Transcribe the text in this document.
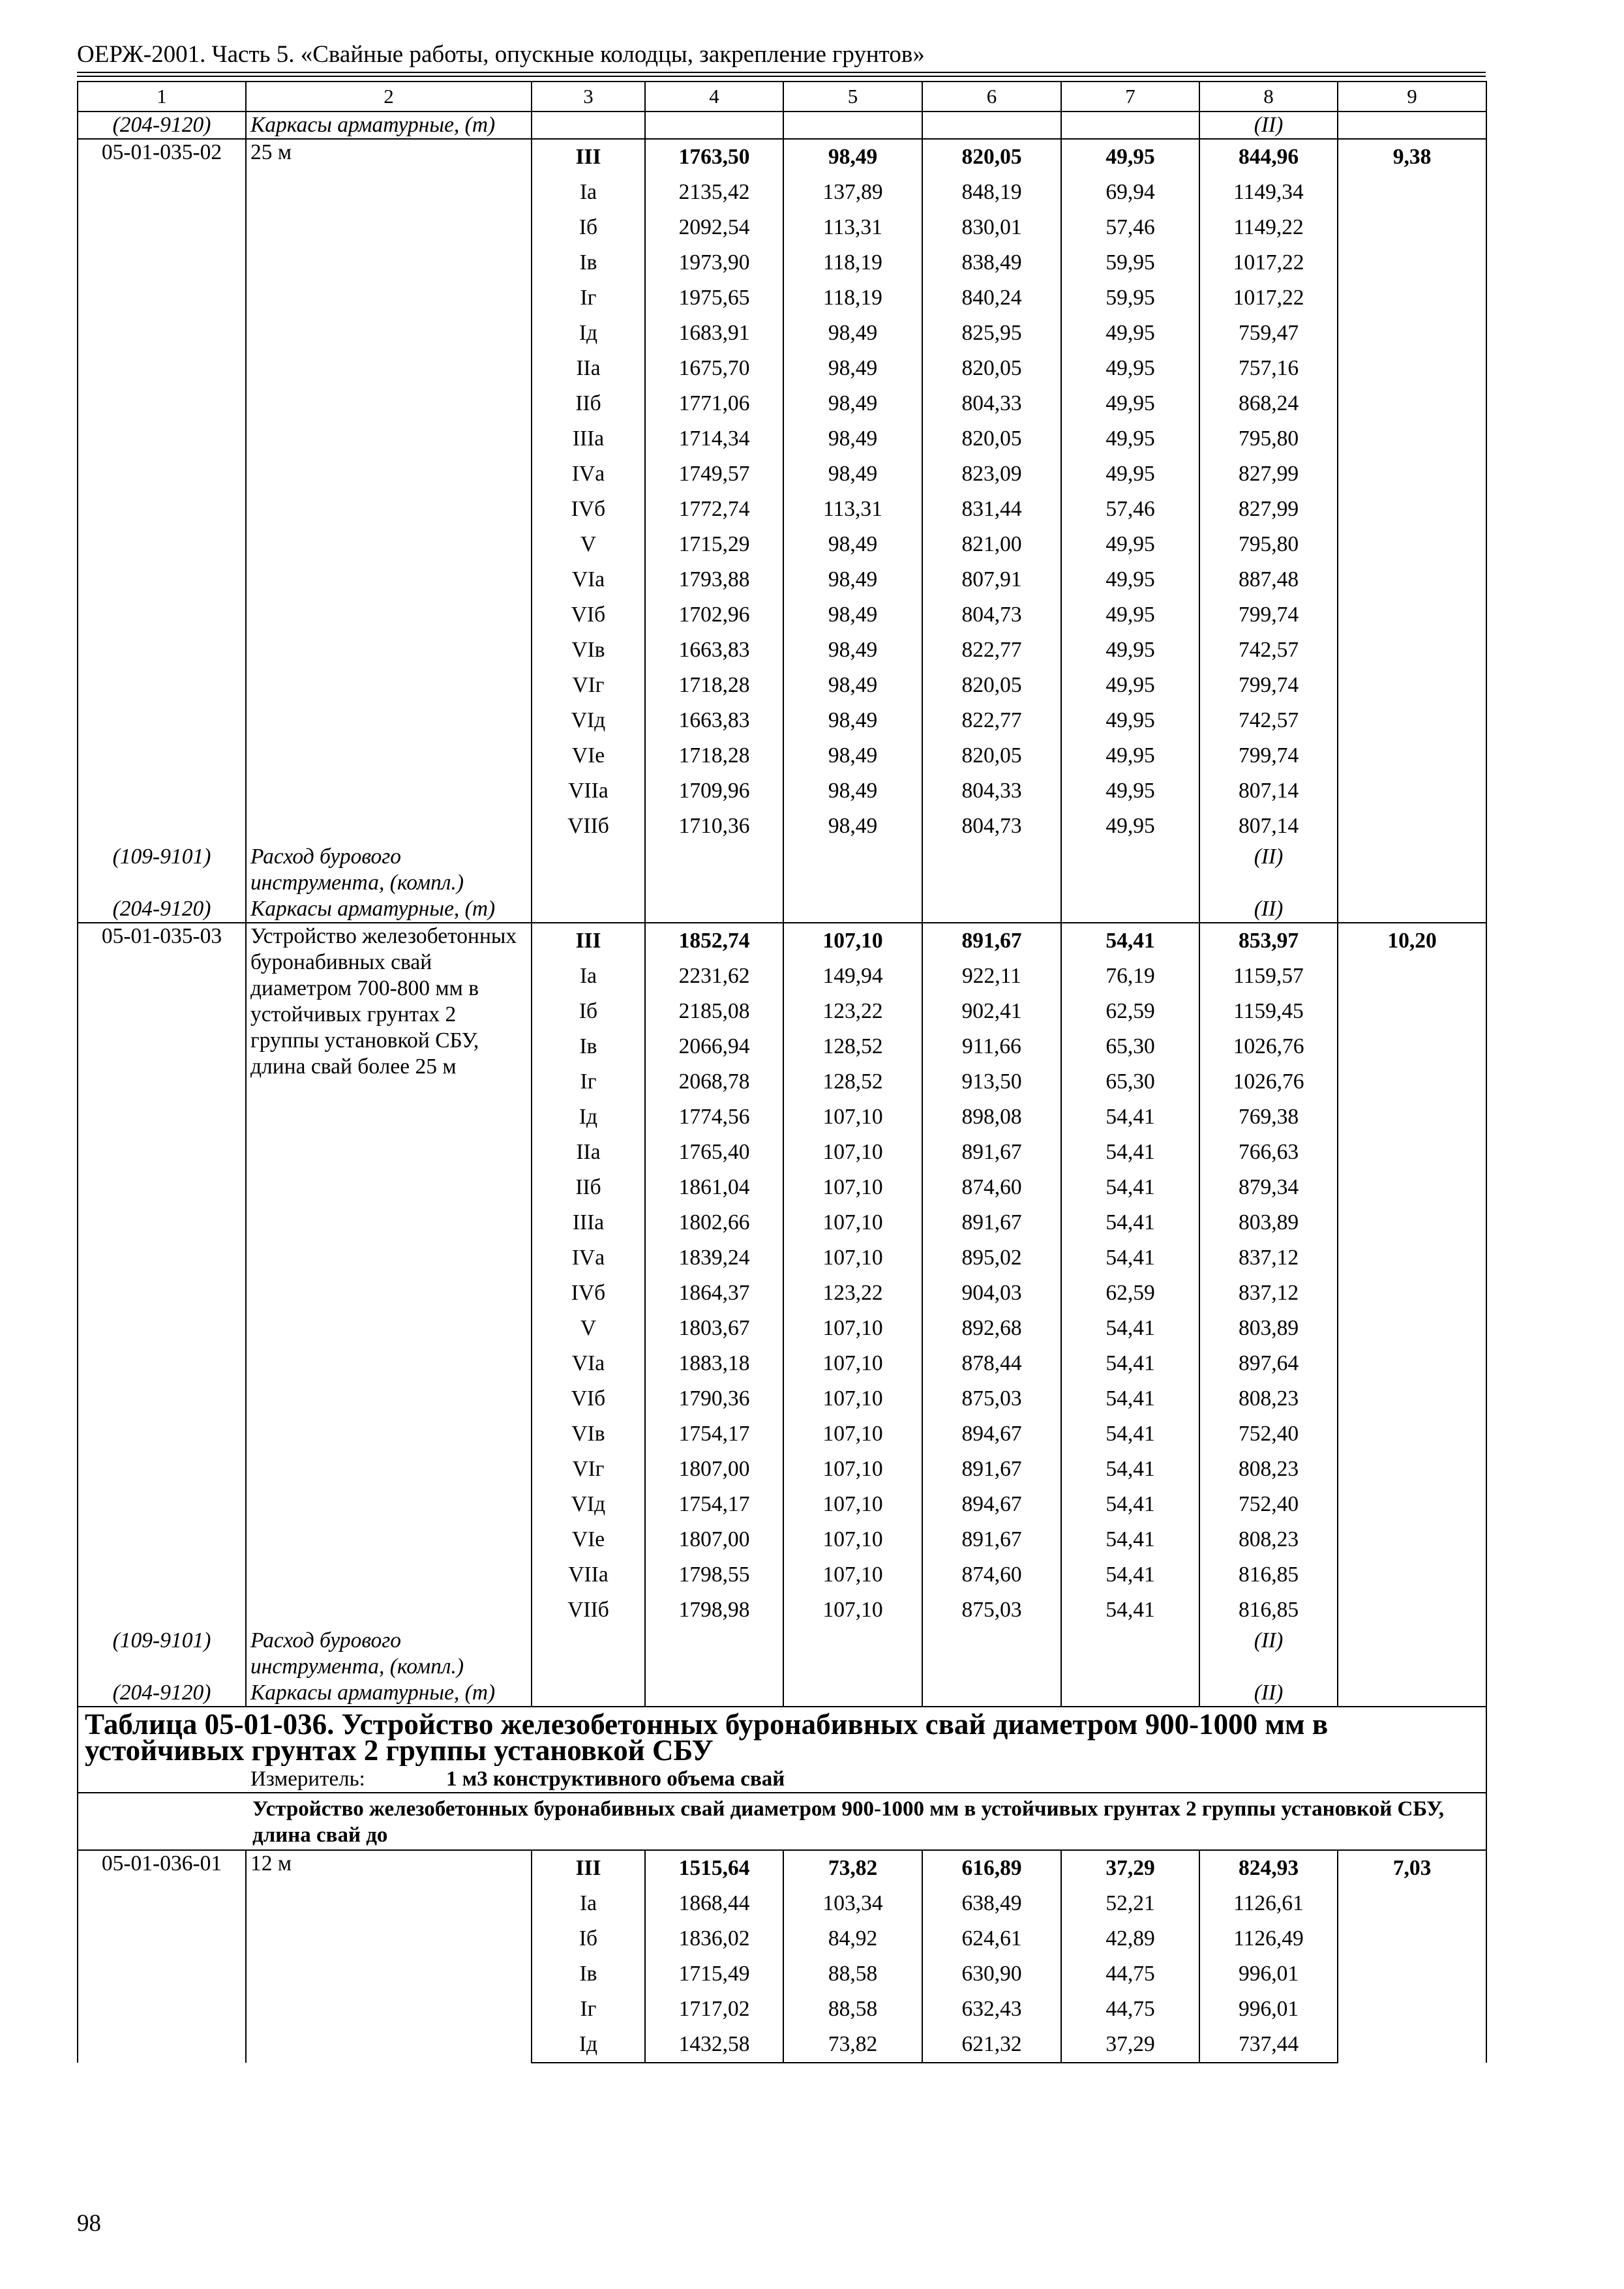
ОЕРЖ-2001. Часть 5. «Свайные работы, опускные колодцы, закрепление грунтов»
1	2	3	4	5	6	7	8	9
(204-9120)	Каркасы арматурные, (т)						(II)	
05-01-035-02	25 м	III	1763,50	98,49	820,05	49,95	844,96	9,38
		Iа	2135,42	137,89	848,19	69,94	1149,34	
		Iб	2092,54	113,31	830,01	57,46	1149,22	
		Iв	1973,90	118,19	838,49	59,95	1017,22	
		Iг	1975,65	118,19	840,24	59,95	1017,22	
		Iд	1683,91	98,49	825,95	49,95	759,47	
		IIа	1675,70	98,49	820,05	49,95	757,16	
		IIб	1771,06	98,49	804,33	49,95	868,24	
		IIIа	1714,34	98,49	820,05	49,95	795,80	
		IVа	1749,57	98,49	823,09	49,95	827,99	
		IVб	1772,74	113,31	831,44	57,46	827,99	
		V	1715,29	98,49	821,00	49,95	795,80	
		VIа	1793,88	98,49	807,91	49,95	887,48	
		VIб	1702,96	98,49	804,73	49,95	799,74	
		VIв	1663,83	98,49	822,77	49,95	742,57	
		VIг	1718,28	98,49	820,05	49,95	799,74	
		VIд	1663,83	98,49	822,77	49,95	742,57	
		VIе	1718,28	98,49	820,05	49,95	799,74	
		VIIа	1709,96	98,49	804,33	49,95	807,14	
		VIIб	1710,36	98,49	804,73	49,95	807,14	
(109-9101)	Расход бурового инструмента, (компл.)						(II)	
(204-9120)	Каркасы арматурные, (т)						(II)	
05-01-035-03	Устройство железобетонных буронабивных свай диаметром 700-800 мм в устойчивых грунтах 2 группы установкой СБУ, длина свай более 25 м	III	1852,74	107,10	891,67	54,41	853,97	10,20
		Iа	2231,62	149,94	922,11	76,19	1159,57	
		Iб	2185,08	123,22	902,41	62,59	1159,45	
		Iв	2066,94	128,52	911,66	65,30	1026,76	
		Iг	2068,78	128,52	913,50	65,30	1026,76	
		Iд	1774,56	107,10	898,08	54,41	769,38	
		IIа	1765,40	107,10	891,67	54,41	766,63	
		IIб	1861,04	107,10	874,60	54,41	879,34	
		IIIа	1802,66	107,10	891,67	54,41	803,89	
		IVа	1839,24	107,10	895,02	54,41	837,12	
		IVб	1864,37	123,22	904,03	62,59	837,12	
		V	1803,67	107,10	892,68	54,41	803,89	
		VIа	1883,18	107,10	878,44	54,41	897,64	
		VIб	1790,36	107,10	875,03	54,41	808,23	
		VIв	1754,17	107,10	894,67	54,41	752,40	
		VIг	1807,00	107,10	891,67	54,41	808,23	
		VIд	1754,17	107,10	894,67	54,41	752,40	
		VIе	1807,00	107,10	891,67	54,41	808,23	
		VIIа	1798,55	107,10	874,60	54,41	816,85	
		VIIб	1798,98	107,10	875,03	54,41	816,85	
(109-9101)	Расход бурового инструмента, (компл.)						(II)	
(204-9120)	Каркасы арматурные, (т)						(II)	
Таблица 05-01-036. Устройство железобетонных буронабивных свай диаметром 900-1000 мм в устойчивых грунтах 2 группы установкой СБУ								
Измеритель: 1 м3 конструктивного объема свай								
	Устройство железобетонных буронабивных свай диаметром 900-1000 мм в устойчивых грунтах 2 группы установкой СБУ, длина свай до							
05-01-036-01	12 м	III	1515,64	73,82	616,89	37,29	824,93	7,03
		Iа	1868,44	103,34	638,49	52,21	1126,61	
		Iб	1836,02	84,92	624,61	42,89	1126,49	
		Iв	1715,49	88,58	630,90	44,75	996,01	
		Iг	1717,02	88,58	632,43	44,75	996,01	
		Iд	1432,58	73,82	621,32	37,29	737,44	
98
